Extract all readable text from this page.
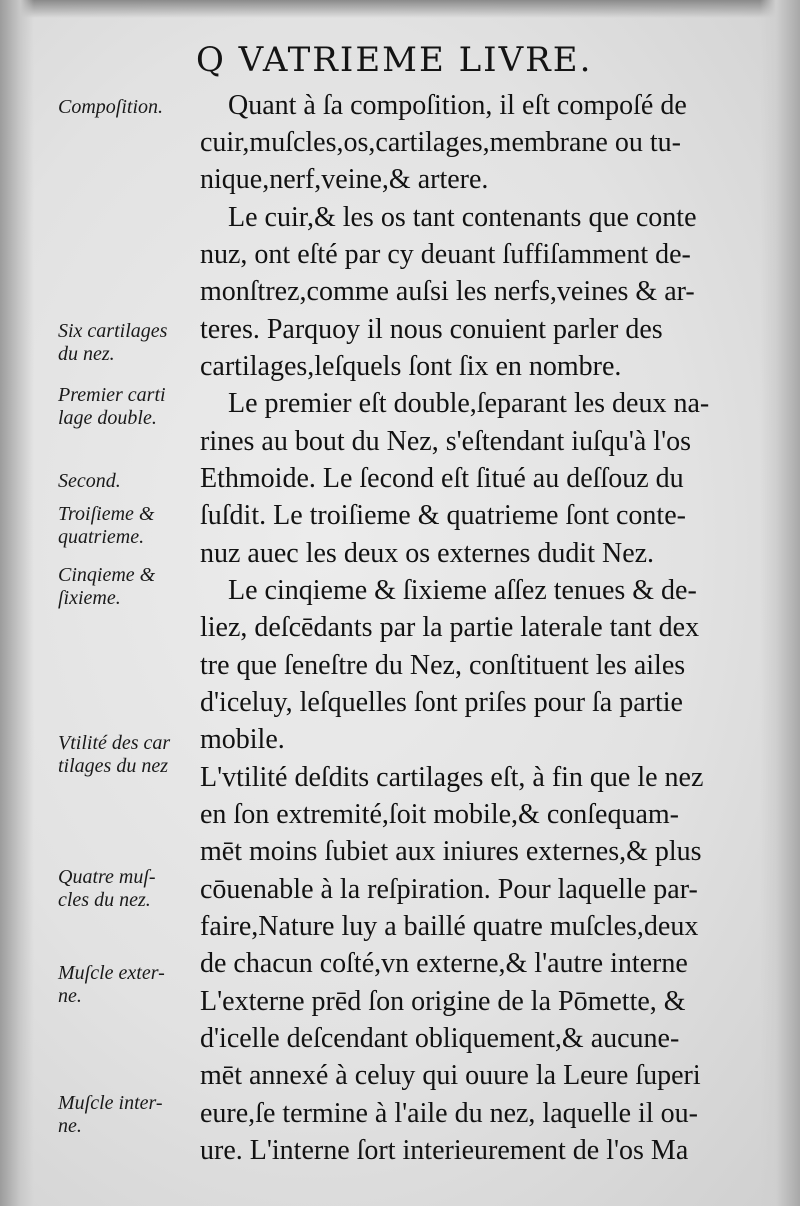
Q VATRIEME LIVRE.
Compoſition.
Six cartilages
du nez.
Premier carti
lage double.
Second.
Troiſieme &
quatrieme.
Cinqieme &
ſixieme.
Vtilité des car
tilages du nez
Quatre muſ-
cles du nez.
Muſcle exter-
ne.
Muſcle inter-
ne.
Quant à ſa compoſition, il eſt compoſé de
cuir,muſcles,os,cartilages,membrane ou tu-
nique,nerf,veine,& artere.
Le cuir,& les os tant contenants que conte
nuz, ont eſté par cy deuant ſuffiſamment de-
monſtrez,comme auſsi les nerfs,veines & ar-
teres. Parquoy il nous conuient parler des
cartilages,leſquels ſont ſix en nombre.
Le premier eſt double,ſeparant les deux na-
rines au bout du Nez, s'eſtendant iuſqu'à l'os
Ethmoide. Le ſecond eſt ſitué au deſſouz du
ſuſdit. Le troiſieme & quatrieme ſont conte-
nuz auec les deux os externes dudit Nez.
Le cinqieme & ſixieme aſſez tenues & de-
liez, deſcēdants par la partie laterale tant dex
tre que ſeneſtre du Nez, conſtituent les ailes
d'iceluy, leſquelles ſont priſes pour ſa partie
mobile.
L'vtilité deſdits cartilages eſt, à fin que le nez
en ſon extremité,ſoit mobile,& conſequam-
mēt moins ſubiet aux iniures externes,& plus
cōuenable à la reſpiration. Pour laquelle par-
faire,Nature luy a baillé quatre muſcles,deux
de chacun coſté,vn externe,& l'autre interne
L'externe prēd ſon origine de la Pōmette, &
d'icelle deſcendant obliquement,& aucune-
mēt annexé à celuy qui ouure la Leure ſuperi
eure,ſe termine à l'aile du nez, laquelle il ou-
ure. L'interne ſort interieurement de l'os Ma
